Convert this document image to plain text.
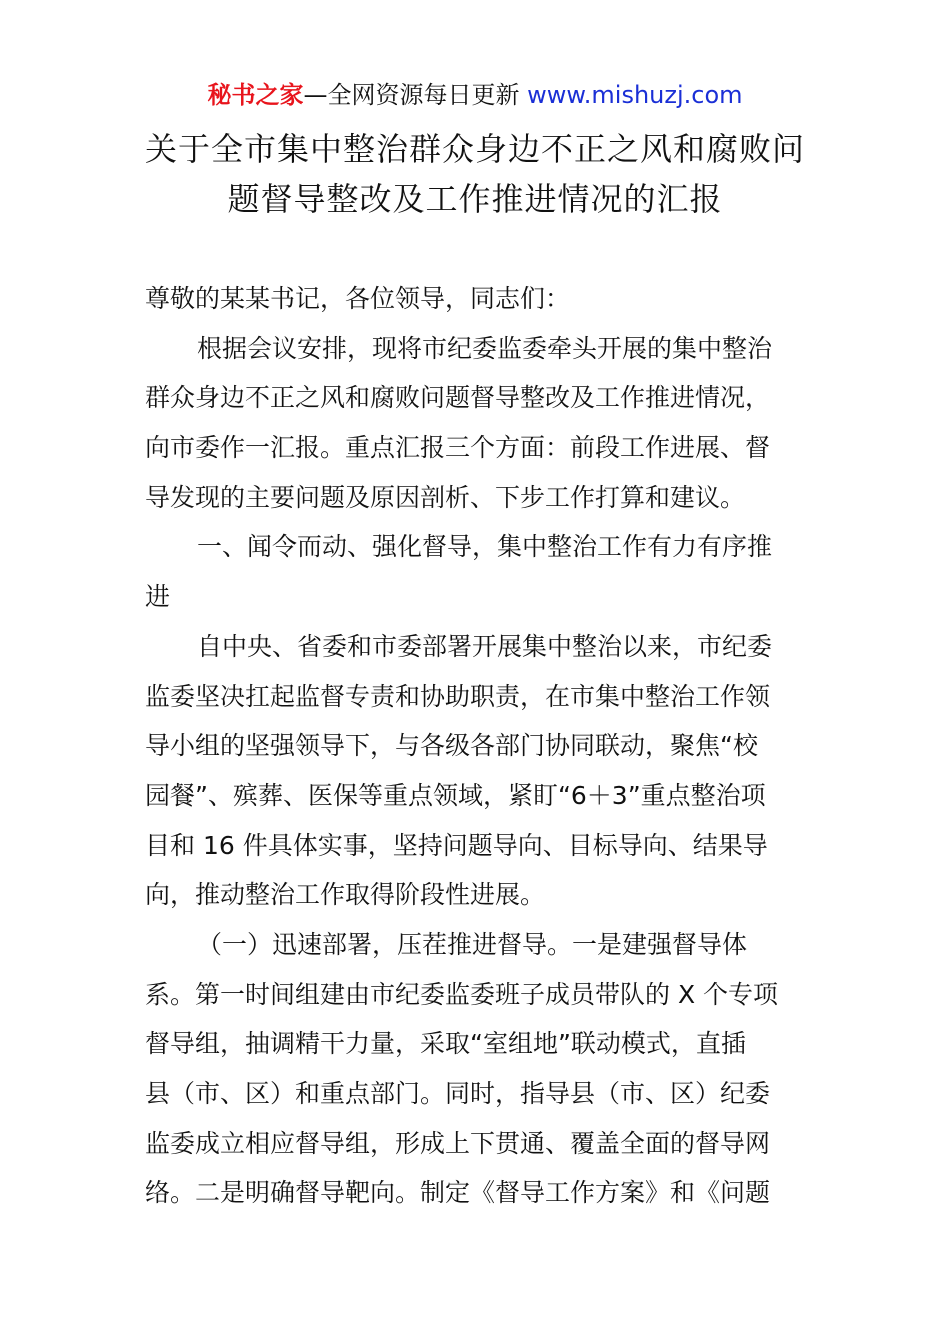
秘书之家—全网资源每日更新 www.mishuzj.com
关于全市集中整治群众身边不正之风和腐败问
题督导整改及工作推进情况的汇报
尊敬的某某书记，各位领导，同志们：
根据会议安排，现将市纪委监委牵头开展的集中整治
群众身边不正之风和腐败问题督导整改及工作推进情况，
向市委作一汇报。重点汇报三个方面：前段工作进展、督
导发现的主要问题及原因剖析、下步工作打算和建议。
一、闻令而动、强化督导，集中整治工作有力有序推
进
自中央、省委和市委部署开展集中整治以来，市纪委
监委坚决扛起监督专责和协助职责，在市集中整治工作领
导小组的坚强领导下，与各级各部门协同联动，聚焦“校
园餐”、殡葬、医保等重点领域，紧盯“6＋3”重点整治项
目和 16 件具体实事，坚持问题导向、目标导向、结果导
向，推动整治工作取得阶段性进展。
（一）迅速部署，压茬推进督导。一是建强督导体
系。第一时间组建由市纪委监委班子成员带队的 X 个专项
督导组，抽调精干力量，采取“室组地”联动模式，直插
县（市、区）和重点部门。同时，指导县（市、区）纪委
监委成立相应督导组，形成上下贯通、覆盖全面的督导网
络。二是明确督导靶向。制定《督导工作方案》和《问题
